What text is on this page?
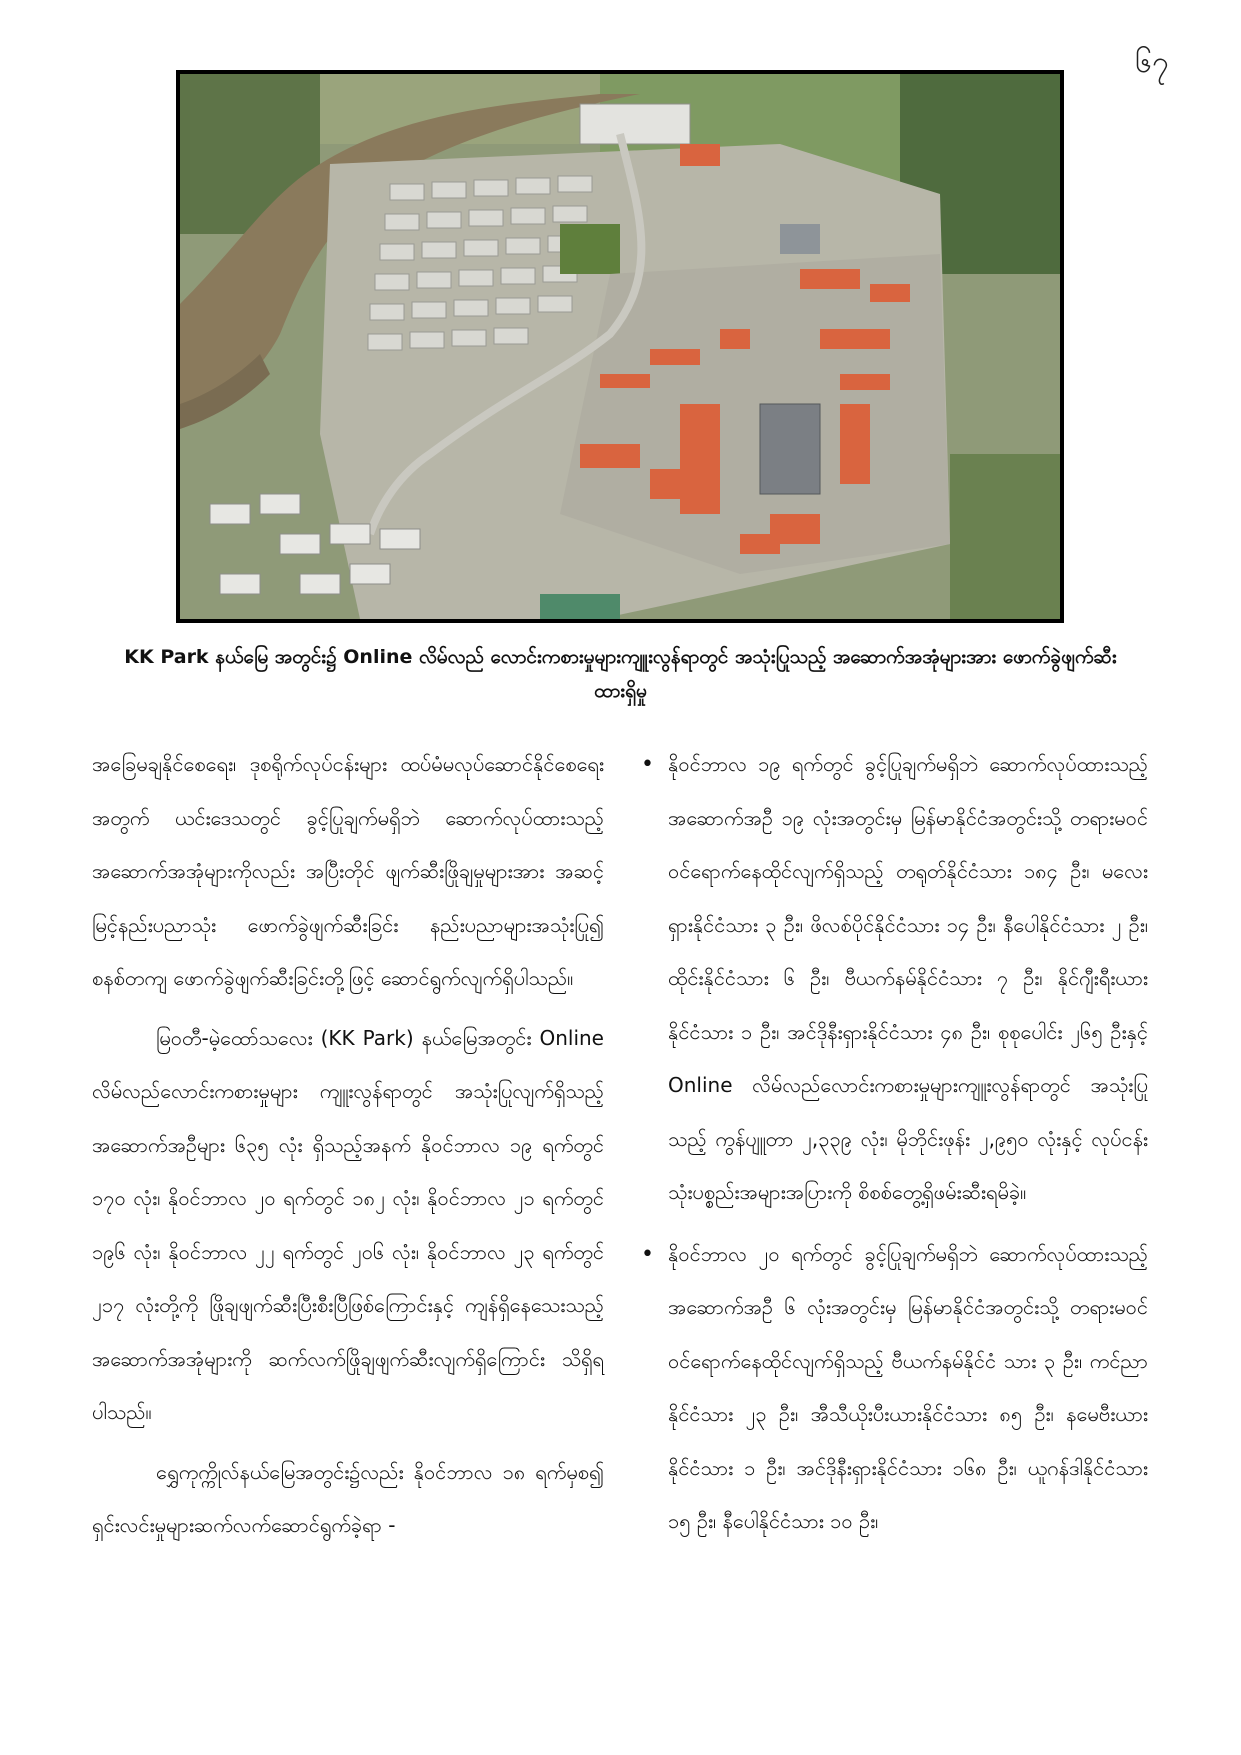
၆၇
KK Park နယ်မြေ အတွင်း၌ Online လိမ်လည် လောင်းကစားမှုများကျူးလွန်ရာတွင် အသုံးပြုသည့် အဆောက်အအုံများအား ဖောက်ခွဲဖျက်ဆီးထားရှိမှု

အခြေမချနိုင်စေရေး၊ ဒုစရိုက်လုပ်ငန်းများ ထပ်မံမလုပ်ဆောင်နိုင်စေရေးအတွက် ယင်းဒေသတွင် ခွင့်ပြုချက်မရှိဘဲ ဆောက်လုပ်ထားသည့် အဆောက်အအုံများကိုလည်း အပြီးတိုင် ဖျက်ဆီးဖြိုချမှုများအား အဆင့်မြင့်နည်းပညာသုံး ဖောက်ခွဲဖျက်ဆီးခြင်း နည်းပညာများအသုံးပြု၍ စနစ်တကျ ဖောက်ခွဲဖျက်ဆီးခြင်းတို့ဖြင့် ဆောင်ရွက်လျက်ရှိပါသည်။

မြဝတီ-မဲ့ထော်သလေး (KK Park) နယ်မြေအတွင်း Online လိမ်လည်လောင်းကစားမှုများ ကျူးလွန်ရာတွင် အသုံးပြုလျက်ရှိသည့် အဆောက်အဦများ ၆၃၅ လုံး ရှိသည့်အနက် နိုဝင်ဘာလ ၁၉ ရက်တွင် ၁၇၀ လုံး၊ နိုဝင်ဘာလ ၂၀ ရက်တွင် ၁၈၂ လုံး၊ နိုဝင်ဘာလ ၂၁ ရက်တွင် ၁၉၆ လုံး၊ နိုဝင်ဘာလ ၂၂ ရက်တွင် ၂၀၆ လုံး၊ နိုဝင်ဘာလ ၂၃ ရက်တွင် ၂၁၇ လုံးတို့ကို ဖြိုချဖျက်ဆီးပြီးစီးပြီဖြစ်ကြောင်းနှင့် ကျန်ရှိနေသေးသည့် အဆောက်အအုံများကို ဆက်လက်ဖြိုချဖျက်ဆီးလျက်ရှိကြောင်း သိရှိရပါသည်။

ရွှေကုက္ကိုလ်နယ်မြေအတွင်း၌လည်း နိုဝင်ဘာလ ၁၈ ရက်မှစ၍ ရှင်းလင်းမှုများဆက်လက်ဆောင်ရွက်ခဲ့ရာ -

• နိုဝင်ဘာလ ၁၉ ရက်တွင် ခွင့်ပြုချက်မရှိဘဲ ဆောက်လုပ်ထားသည့် အဆောက်အဦ ၁၉ လုံးအတွင်းမှ မြန်မာနိုင်ငံအတွင်းသို့ တရားမဝင် ဝင်ရောက်နေထိုင်လျက်ရှိသည့် တရုတ်နိုင်ငံသား ၁၈၄ ဦး၊ မလေးရှားနိုင်ငံသား ၃ ဦး၊ ဖိလစ်ပိုင်နိုင်ငံသား ၁၄ ဦး၊ နီပေါနိုင်ငံသား ၂ ဦး၊ ထိုင်းနိုင်ငံသား ၆ ဦး၊ ဗီယက်နမ်နိုင်ငံသား ၇ ဦး၊ နိုင်ဂျီးရီးယားနိုင်ငံသား ၁ ဦး၊ အင်ဒိုနီးရှားနိုင်ငံသား ၄၈ ဦး၊ စုစုပေါင်း ၂၆၅ ဦးနှင့် Online လိမ်လည်လောင်းကစားမှုများကျူးလွန်ရာတွင် အသုံးပြုသည့် ကွန်ပျူတာ ၂,၃၃၉ လုံး၊ မိုဘိုင်းဖုန်း ၂,၉၅၀ လုံးနှင့် လုပ်ငန်းသုံးပစ္စည်းအများအပြားကို စိစစ်တွေ့ရှိဖမ်းဆီးရမိခဲ့။
• နိုဝင်ဘာလ ၂၀ ရက်တွင် ခွင့်ပြုချက်မရှိဘဲ ဆောက်လုပ်ထားသည့် အဆောက်အဦ ၆ လုံးအတွင်းမှ မြန်မာနိုင်ငံအတွင်းသို့ တရားမဝင် ဝင်ရောက်နေထိုင်လျက်ရှိသည့် ဗီယက်နမ်နိုင်ငံ သား ၃ ဦး၊ ကင်ညာနိုင်ငံသား ၂၃ ဦး၊ အီသီယိုးပီးယားနိုင်ငံသား ၈၅ ဦး၊ နမေဗီးယားနိုင်ငံသား ၁ ဦး၊ အင်ဒိုနီးရှားနိုင်ငံသား ၁၆၈ ဦး၊ ယူဂန်ဒါနိုင်ငံသား ၁၅ ဦး၊ နီပေါနိုင်ငံသား ၁၀ ဦး၊
